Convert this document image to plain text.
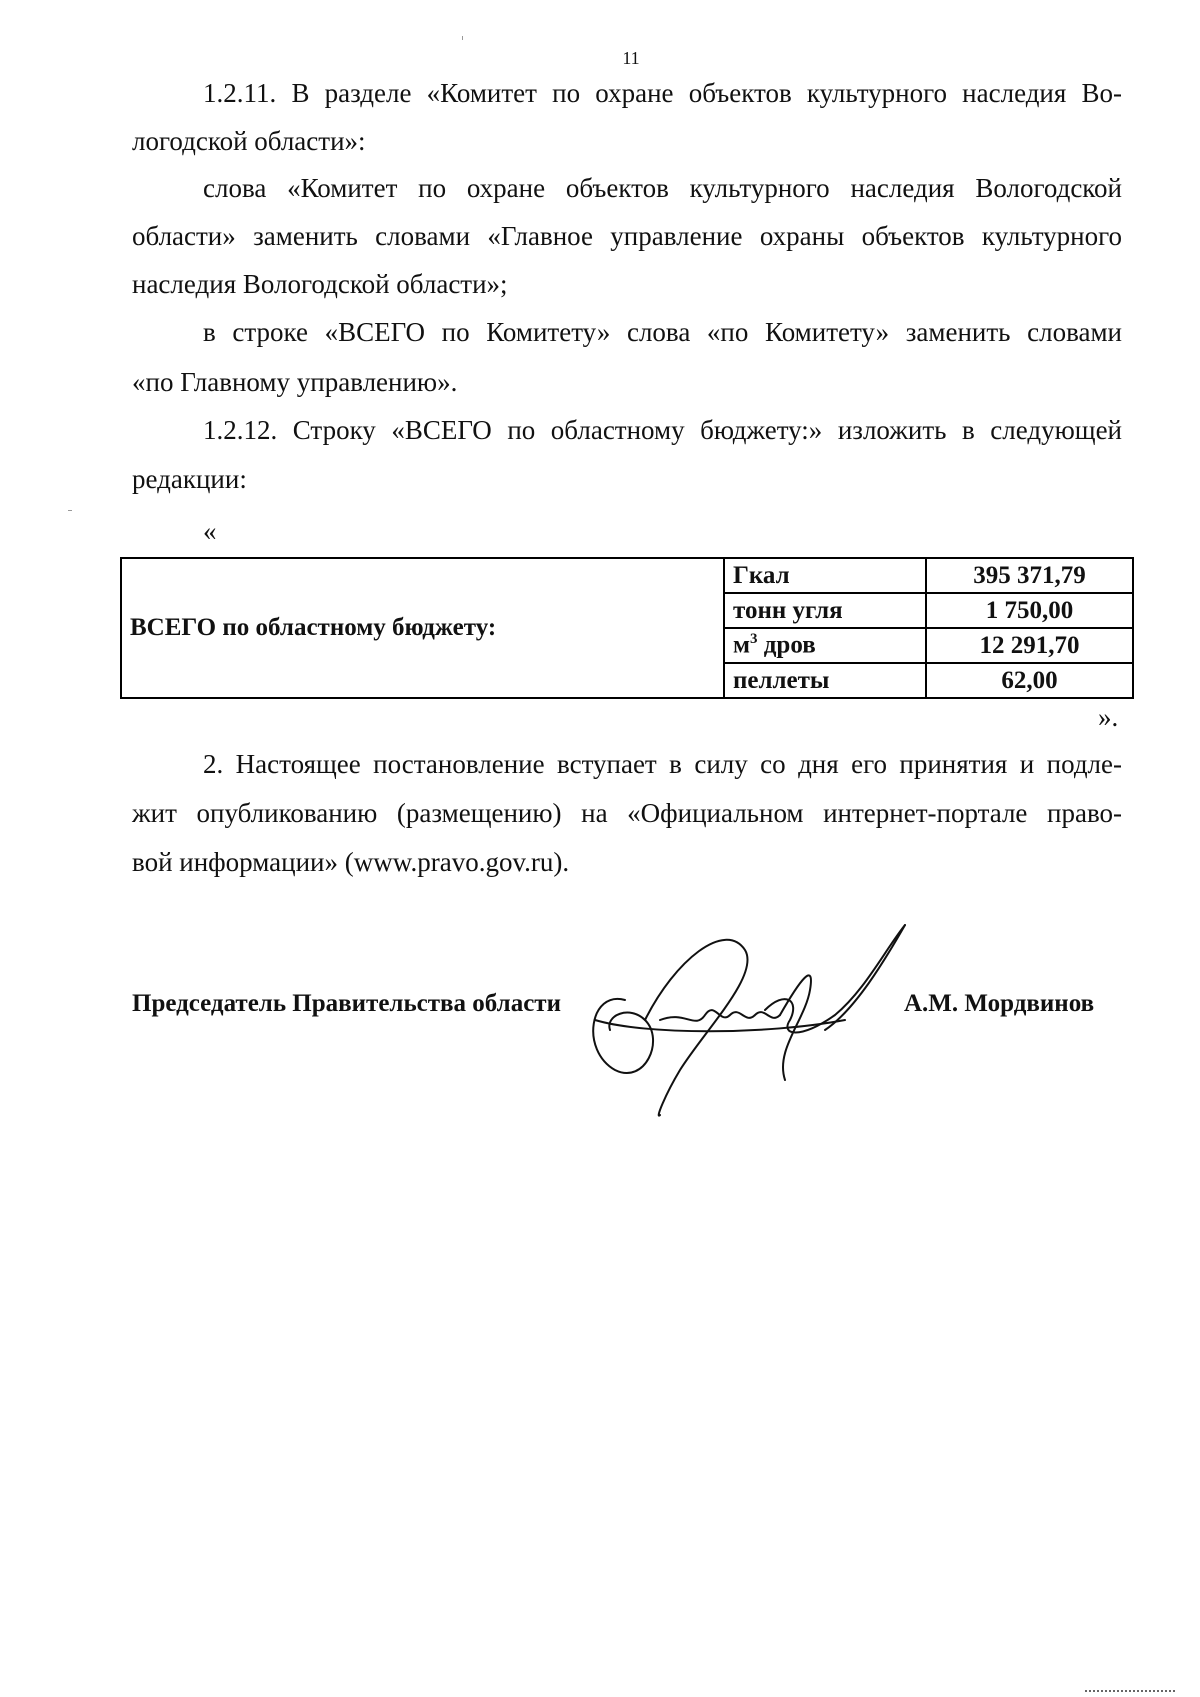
11
1.2.11. В разделе «Комитет по охране объектов культурного наследия Во-
логодской области»:
слова «Комитет по охране объектов культурного наследия Вологодской
области» заменить словами «Главное управление охраны объектов культурного
наследия Вологодской области»;
в строке «ВСЕГО по Комитету» слова «по Комитету» заменить словами
«по Главному управлению».
1.2.12. Строку «ВСЕГО по областному бюджету:» изложить в следующей
редакции:
«
ВСЕГО по областному бюджету:	Гкал	395 371,79
	тонн угля	1 750,00
	$м^3$ дров	12 291,70
	пеллеты	62,00
».
2. Настоящее постановление вступает в силу со дня его принятия и подле-
жит опубликованию (размещению) на «Официальном интернет-портале право-
вой информации» (www.pravo.gov.ru).
Председатель Правительства области	А.М. Мордвинов
